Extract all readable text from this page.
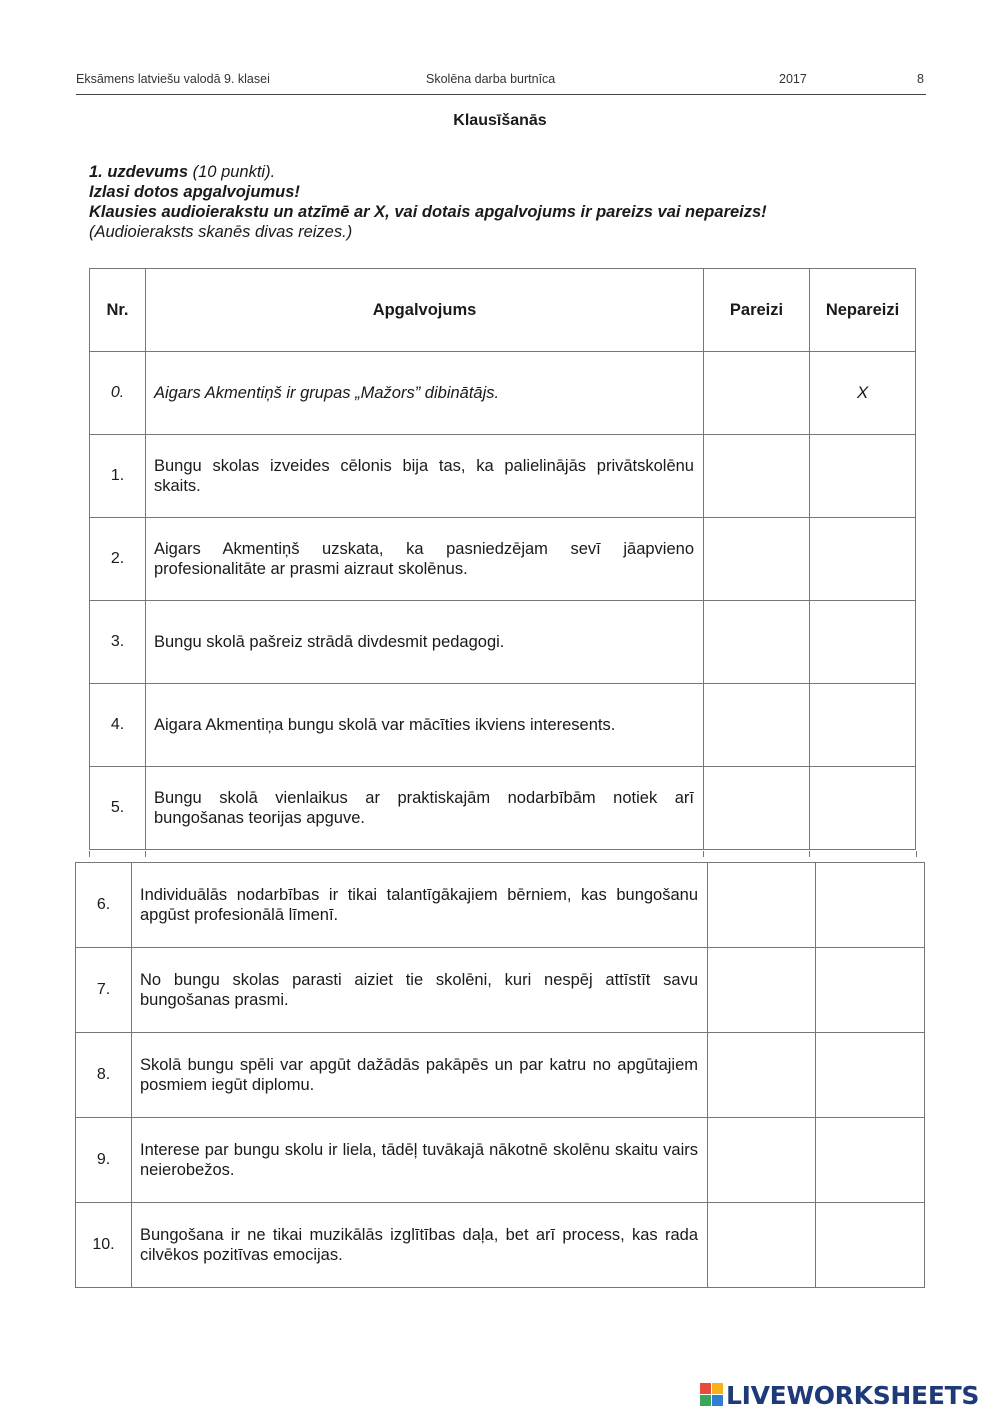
Eksāmens latviešu valodā 9. klasei	Skolēna darba burtnīca	2017	8
Klausīšanās
1. uzdevums (10 punkti).
Izlasi dotos apgalvojumus!
Klausies audioierakstu un atzīmē ar X, vai dotais apgalvojums ir pareizs vai nepareizs!
(Audioieraksts skanēs divas reizes.)
Nr.	Apgalvojums	Pareizi	Nepareizi
0.	Aigars Akmentiņš ir grupas „Mažors” dibinātājs.		X
1.	Bungu skolas izveides cēlonis bija tas, ka palielinājās privātskolēnu skaits.		
2.	Aigars Akmentiņš uzskata, ka pasniedzējam sevī jāapvieno profesionalitāte ar prasmi aizraut skolēnus.		
3.	Bungu skolā pašreiz strādā divdesmit pedagogi.		
4.	Aigara Akmentiņa bungu skolā var mācīties ikviens interesents.		
5.	Bungu skolā vienlaikus ar praktiskajām nodarbībām notiek arī bungošanas teorijas apguve.		
6.	Individuālās nodarbības ir tikai talantīgākajiem bērniem, kas bungošanu apgūst profesionālā līmenī.		
7.	No bungu skolas parasti aiziet tie skolēni, kuri nespēj attīstīt savu bungošanas prasmi.		
8.	Skolā bungu spēli var apgūt dažādās pakāpēs un par katru no apgūtajiem posmiem iegūt diplomu.		
9.	Interese par bungu skolu ir liela, tādēļ tuvākajā nākotnē skolēnu skaitu vairs neierobežos.		
10.	Bungošana ir ne tikai muzikālās izglītības daļa, bet arī process, kas rada cilvēkos pozitīvas emocijas.		
LIVEWORKSHEETS
